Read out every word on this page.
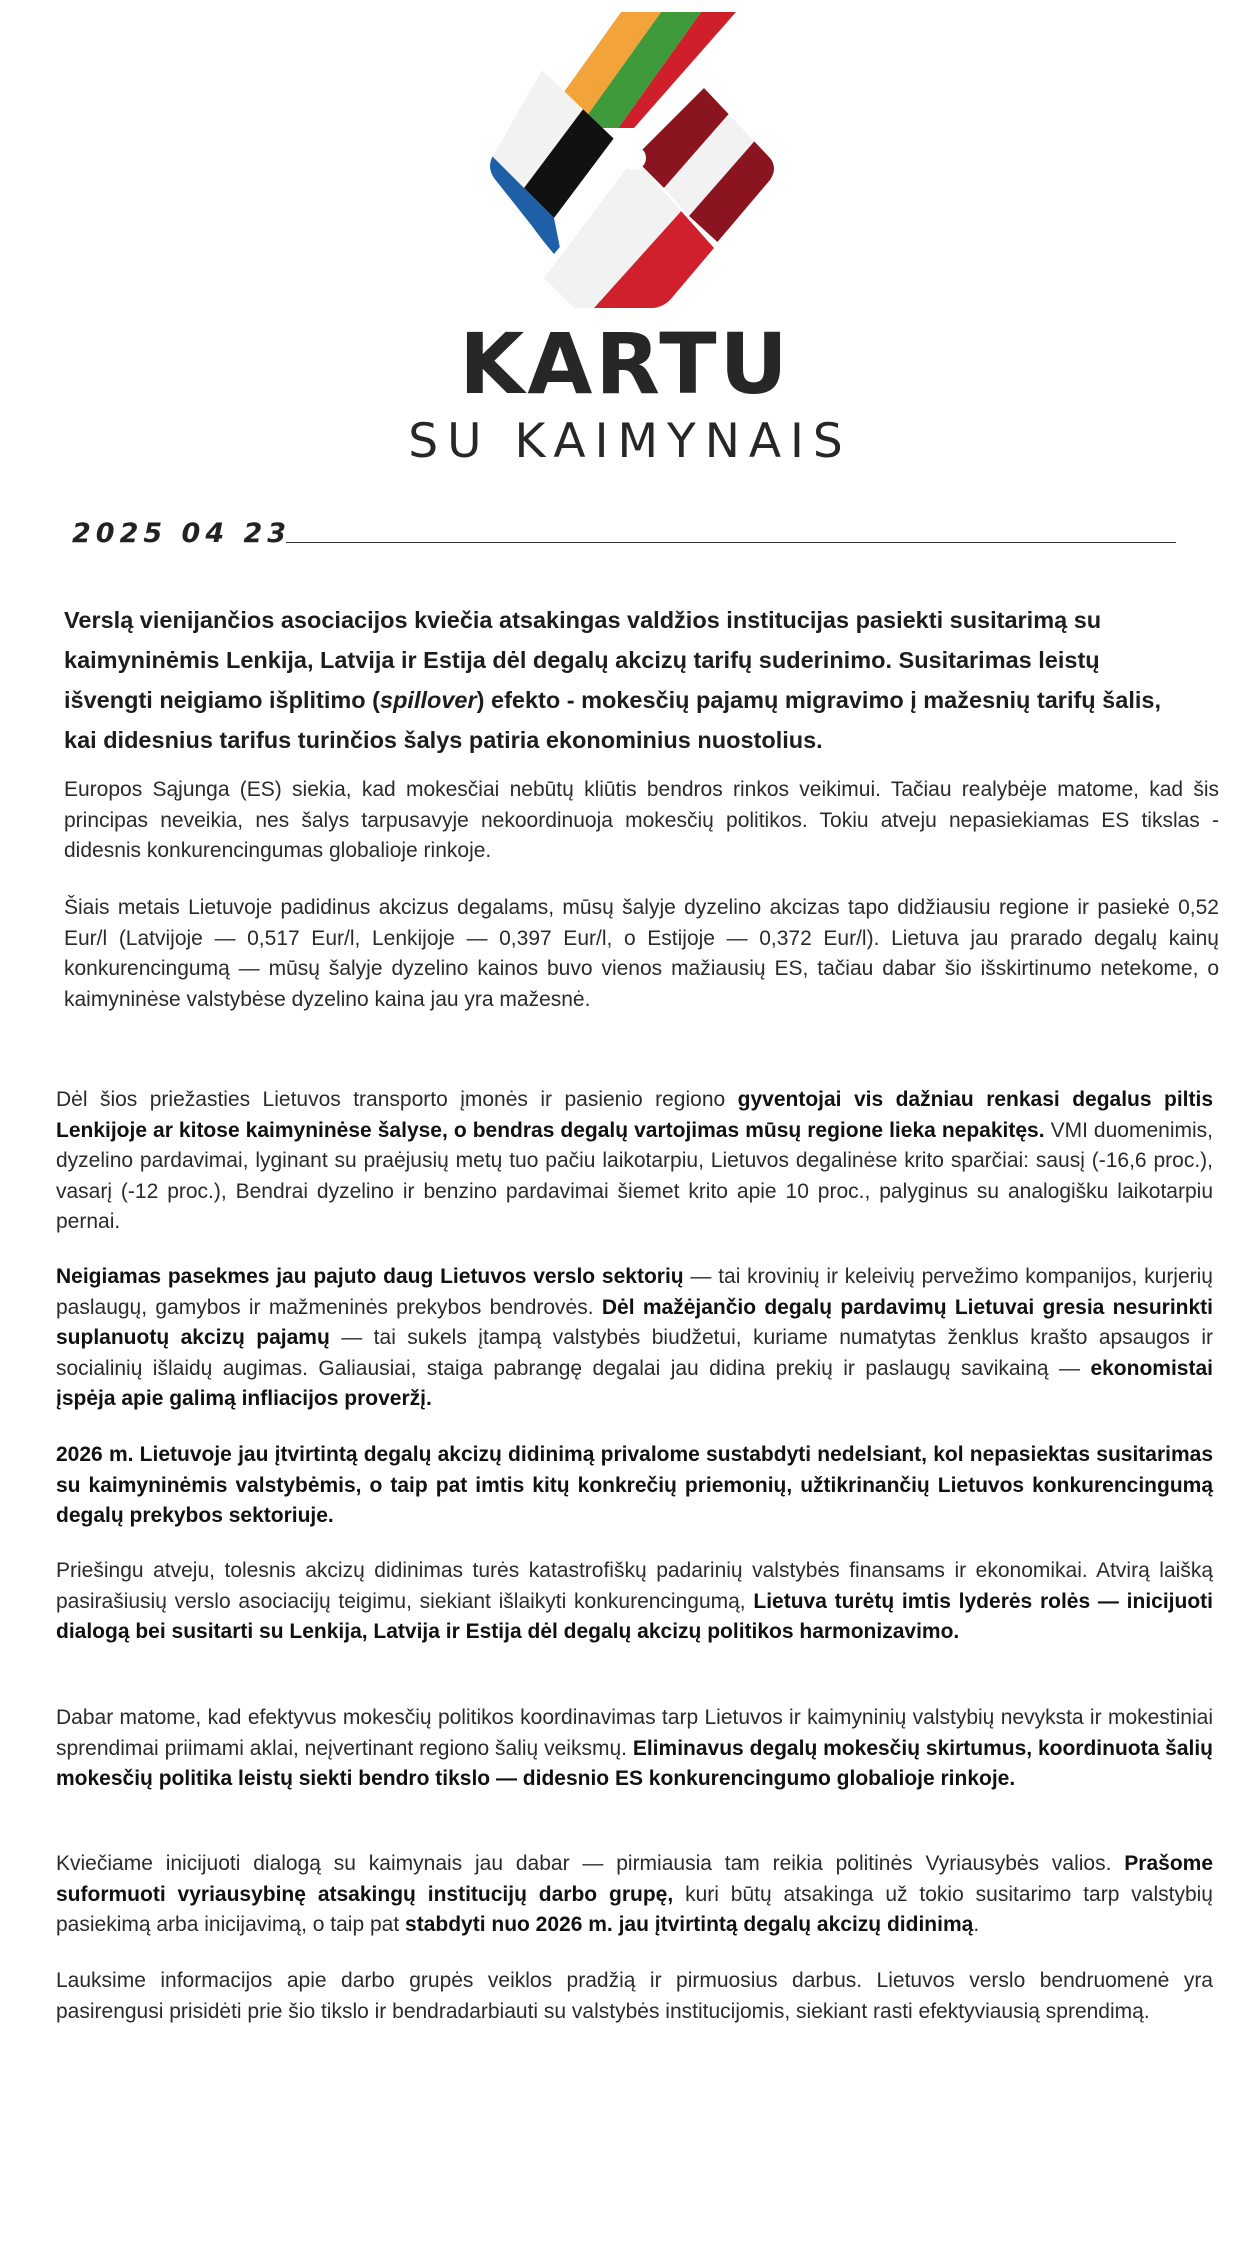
KARTU
SU KAIMYNAIS
2025 04 23
Verslą vienijančios asociacijos kviečia atsakingas valdžios institucijas pasiekti susitarimą su kaimyninėmis Lenkija, Latvija ir Estija dėl degalų akcizų tarifų suderinimo. Susitarimas leistų išvengti neigiamo išplitimo (spillover) efekto - mokesčių pajamų migravimo į mažesnių tarifų šalis, kai didesnius tarifus turinčios šalys patiria ekonominius nuostolius.
Europos Sąjunga (ES) siekia, kad mokesčiai nebūtų kliūtis bendros rinkos veikimui. Tačiau realybėje matome, kad šis principas neveikia, nes šalys tarpusavyje nekoordinuoja mokesčių politikos. Tokiu atveju nepasiekiamas ES tikslas - didesnis konkurencingumas globalioje rinkoje.
Šiais metais Lietuvoje padidinus akcizus degalams, mūsų šalyje dyzelino akcizas tapo didžiausiu regione ir pasiekė 0,52 Eur/l (Latvijoje — 0,517 Eur/l, Lenkijoje — 0,397 Eur/l, o Estijoje — 0,372 Eur/l). Lietuva jau prarado degalų kainų konkurencingumą — mūsų šalyje dyzelino kainos buvo vienos mažiausių ES, tačiau dabar šio išskirtinumo netekome, o kaimyninėse valstybėse dyzelino kaina jau yra mažesnė.
Dėl šios priežasties Lietuvos transporto įmonės ir pasienio regiono gyventojai vis dažniau renkasi degalus piltis Lenkijoje ar kitose kaimyninėse šalyse, o bendras degalų vartojimas mūsų regione lieka nepakitęs. VMI duomenimis, dyzelino pardavimai, lyginant su praėjusių metų tuo pačiu laikotarpiu, Lietuvos degalinėse krito sparčiai: sausį (-16,6 proc.), vasarį (-12 proc.), Bendrai dyzelino ir benzino pardavimai šiemet krito apie 10 proc., palyginus su analogišku laikotarpiu pernai.
Neigiamas pasekmes jau pajuto daug Lietuvos verslo sektorių — tai krovinių ir keleivių pervežimo kompanijos, kurjerių paslaugų, gamybos ir mažmeninės prekybos bendrovės. Dėl mažėjančio degalų pardavimų Lietuvai gresia nesurinkti suplanuotų akcizų pajamų — tai sukels įtampą valstybės biudžetui, kuriame numatytas ženklus krašto apsaugos ir socialinių išlaidų augimas. Galiausiai, staiga pabrangę degalai jau didina prekių ir paslaugų savikainą — ekonomistai įspėja apie galimą infliacijos proveržį.
2026 m. Lietuvoje jau įtvirtintą degalų akcizų didinimą privalome sustabdyti nedelsiant, kol nepasiektas susitarimas su kaimyninėmis valstybėmis, o taip pat imtis kitų konkrečių priemonių, užtikrinančių Lietuvos konkurencingumą degalų prekybos sektoriuje.
Priešingu atveju, tolesnis akcizų didinimas turės katastrofiškų padarinių valstybės finansams ir ekonomikai. Atvirą laišką pasirašiusių verslo asociacijų teigimu, siekiant išlaikyti konkurencingumą, Lietuva turėtų imtis lyderės rolės — inicijuoti dialogą bei susitarti su Lenkija, Latvija ir Estija dėl degalų akcizų politikos harmonizavimo.
Dabar matome, kad efektyvus mokesčių politikos koordinavimas tarp Lietuvos ir kaimyninių valstybių nevyksta ir mokestiniai sprendimai priimami aklai, neįvertinant regiono šalių veiksmų. Eliminavus degalų mokesčių skirtumus, koordinuota šalių mokesčių politika leistų siekti bendro tikslo — didesnio ES konkurencingumo globalioje rinkoje.
Kviečiame inicijuoti dialogą su kaimynais jau dabar — pirmiausia tam reikia politinės Vyriausybės valios. Prašome suformuoti vyriausybinę atsakingų institucijų darbo grupę, kuri būtų atsakinga už tokio susitarimo tarp valstybių pasiekimą arba inicijavimą, o taip pat stabdyti nuo 2026 m. jau įtvirtintą degalų akcizų didinimą.
Lauksime informacijos apie darbo grupės veiklos pradžią ir pirmuosius darbus. Lietuvos verslo bendruomenė yra pasirengusi prisidėti prie šio tikslo ir bendradarbiauti su valstybės institucijomis, siekiant rasti efektyviausią sprendimą.
